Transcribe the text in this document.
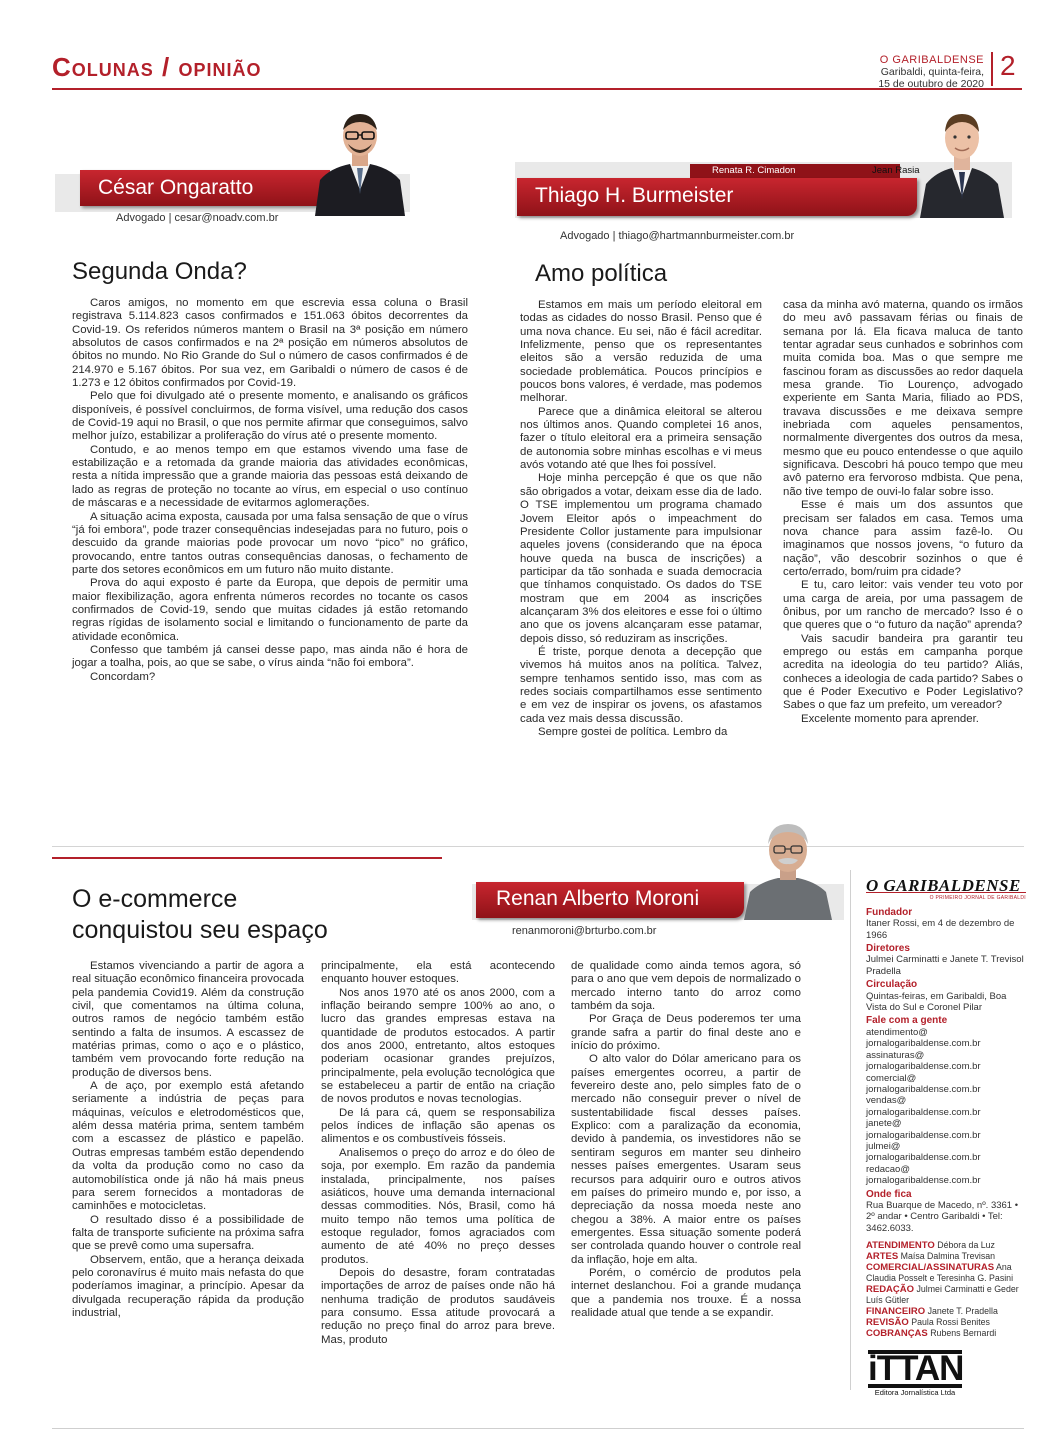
Colunas / opinião	O GARIBALDENSE
Garibaldi, quinta-feira,
15 de outubro de 2020
2
César Ongaratto
Advogado | cesar@noadv.com.br
Segunda Onda?

Caros amigos, no momento em que escrevia essa coluna o Brasil registrava 5.114.823 casos confirmados e 151.063 óbitos decorrentes da Covid-19. Os referidos números mantem o Brasil na 3ª posição em número absolutos de casos confirmados e na 2ª posição em números absolutos de óbitos no mundo. No Rio Grande do Sul o número de casos confirmados é de 214.970 e 5.167 óbitos. Por sua vez, em Garibaldi o número de casos é de 1.273 e 12 óbitos confirmados por Covid-19.

Pelo que foi divulgado até o presente momento, e analisando os gráficos disponíveis, é possível concluirmos, de forma visível, uma redução dos casos de Covid-19 aqui no Brasil, o que nos permite afirmar que conseguimos, salvo melhor juízo, estabilizar a proliferação do vírus até o presente momento.

Contudo, e ao menos tempo em que estamos vivendo uma fase de estabilização e a retomada da grande maioria das atividades econômicas, resta a nítida impressão que a grande maioria das pessoas está deixando de lado as regras de proteção no tocante ao vírus, em especial o uso contínuo de máscaras e a necessidade de evitarmos aglomerações.

A situação acima exposta, causada por uma falsa sensação de que o vírus “já foi embora”, pode trazer consequências indesejadas para no futuro, pois o descuido da grande maiorias pode provocar um novo “pico” no gráfico, provocando, entre tantos outras consequências danosas, o fechamento de parte dos setores econômicos em um futuro não muito distante.

Prova do aqui exposto é parte da Europa, que depois de permitir uma maior flexibilização, agora enfrenta números recordes no tocante os casos confirmados de Covid-19, sendo que muitas cidades já estão retomando regras rígidas de isolamento social e limitando o funcionamento de parte da atividade econômica.

Confesso que também já cansei desse papo, mas ainda não é hora de jogar a toalha, pois, ao que se sabe, o vírus ainda “não foi embora”.

Concordam?

Renata R. Cimadon	Jean Rasia
Thiago H. Burmeister
Advogado | thiago@hartmannburmeister.com.br
Amo política

Estamos em mais um período eleitoral em todas as cidades do nosso Brasil. Penso que é uma nova chance. Eu sei, não é fácil acreditar. Infelizmente, penso que os representantes eleitos são a versão reduzida de uma sociedade problemática. Poucos princípios e poucos bons valores, é verdade, mas podemos melhorar.

Parece que a dinâmica eleitoral se alterou nos últimos anos. Quando completei 16 anos, fazer o título eleitoral era a primeira sensação de autonomia sobre minhas escolhas e vi meus avós votando até que lhes foi possível.

Hoje minha percepção é que os que não são obrigados a votar, deixam esse dia de lado. O TSE implementou um programa chamado Jovem Eleitor após o impeachment do Presidente Collor justamente para impulsionar aqueles jovens (considerando que na época houve queda na busca de inscrições) a participar da tão sonhada e suada democracia que tínhamos conquistado. Os dados do TSE mostram que em 2004 as inscrições alcançaram 3% dos eleitores e esse foi o último ano que os jovens alcançaram esse patamar, depois disso, só reduziram as inscrições.

É triste, porque denota a decepção que vivemos há muitos anos na política. Talvez, sempre tenhamos sentido isso, mas com as redes sociais compartilhamos esse sentimento e em vez de inspirar os jovens, os afastamos cada vez mais dessa discussão.

Sempre gostei de política. Lembro da

casa da minha avó materna, quando os irmãos do meu avô passavam férias ou finais de semana por lá. Ela ficava maluca de tanto tentar agradar seus cunhados e sobrinhos com muita comida boa. Mas o que sempre me fascinou foram as discussões ao redor daquela mesa grande. Tio Lourenço, advogado experiente em Santa Maria, filiado ao PDS, travava discussões e me deixava sempre inebriada com aqueles pensamentos, normalmente divergentes dos outros da mesa, mesmo que eu pouco entendesse o que aquilo significava. Descobri há pouco tempo que meu avô paterno era fervoroso mdbista. Que pena, não tive tempo de ouvi-lo falar sobre isso.

Esse é mais um dos assuntos que precisam ser falados em casa. Temos uma nova chance para assim fazê-lo. Ou imaginamos que nossos jovens, “o futuro da nação”, vão descobrir sozinhos o que é certo/errado, bom/ruim pra cidade?

E tu, caro leitor: vais vender teu voto por uma carga de areia, por uma passagem de ônibus, por um rancho de mercado? Isso é o que queres que o “o futuro da nação” aprenda?

Vais sacudir bandeira pra garantir teu emprego ou estás em campanha porque acredita na ideologia do teu partido? Aliás, conheces a ideologia de cada partido? Sabes o que é Poder Executivo e Poder Legislativo? Sabes o que faz um prefeito, um vereador?

Excelente momento para aprender.

O e-commerce
conquistou seu espaço
Renan Alberto Moroni
renanmoroni@brturbo.com.br

Estamos vivenciando a partir de agora a real situação econômico financeira provocada pela pandemia Covid19. Além da construção civil, que comentamos na última coluna, outros ramos de negócio também estão sentindo a falta de insumos. A escassez de matérias primas, como o aço e o plástico, também vem provocando forte redução na produção de diversos bens.

A de aço, por exemplo está afetando seriamente a indústria de peças para máquinas, veículos e eletrodomésticos que, além dessa matéria prima, sentem também com a escassez de plástico e papelão. Outras empresas também estão dependendo da volta da produção como no caso da automobilística onde já não há mais pneus para serem fornecidos a montadoras de caminhões e motocicletas.

O resultado disso é a possibilidade de falta de transporte suficiente na próxima safra que se prevê como uma supersafra.

Observem, então, que a herança deixada pelo coronavírus é muito mais nefasta do que poderíamos imaginar, a princípio. Apesar da divulgada recuperação rápida da produção industrial,

principalmente, ela está acontecendo enquanto houver estoques.

Nos anos 1970 até os anos 2000, com a inflação beirando sempre 100% ao ano, o lucro das grandes empresas estava na quantidade de produtos estocados. A partir dos anos 2000, entretanto, altos estoques poderiam ocasionar grandes prejuízos, principalmente, pela evolução tecnológica que se estabeleceu a partir de então na criação de novos produtos e novas tecnologias.

De lá para cá, quem se responsabiliza pelos índices de inflação são apenas os alimentos e os combustíveis fósseis.

Analisemos o preço do arroz e do óleo de soja, por exemplo. Em razão da pandemia instalada, principalmente, nos países asiáticos, houve uma demanda internacional dessas commodities. Nós, Brasil, como há muito tempo não temos uma política de estoque regulador, fomos agraciados com aumento de até 40% no preço desses produtos.

Depois do desastre, foram contratadas importações de arroz de países onde não há nenhuma tradição de produtos saudáveis para consumo. Essa atitude provocará a redução no preço final do arroz para breve. Mas, produto

de qualidade como ainda temos agora, só para o ano que vem depois de normalizado o mercado interno tanto do arroz como também da soja.

Por Graça de Deus poderemos ter uma grande safra a partir do final deste ano e início do próximo.

O alto valor do Dólar americano para os países emergentes ocorreu, a partir de fevereiro deste ano, pelo simples fato de o mercado não conseguir prever o nível de sustentabilidade fiscal desses países. Explico: com a paralização da economia, devido à pandemia, os investidores não se sentiram seguros em manter seu dinheiro nesses países emergentes. Usaram seus recursos para adquirir ouro e outros ativos em países do primeiro mundo e, por isso, a depreciação da nossa moeda neste ano chegou a 38%. A maior entre os países emergentes. Essa situação somente poderá ser controlada quando houver o controle real da inflação, hoje em alta.

Porém, o comércio de produtos pela internet deslanchou. Foi a grande mudança que a pandemia nos trouxe. É a nossa realidade atual que tende a se expandir.

O GARIBALDENSE
O PRIMEIRO JORNAL DE GARIBALDI
Fundador
Itaner Rossi, em 4 de dezembro de 1966
Diretores
Julmei Carminatti e Janete T. Trevisol Pradella
Circulação
Quintas-feiras, em Garibaldi, Boa Vista do Sul e Coronel Pilar
Fale com a gente
atendimento@
jornalogaribaldense.com.br
assinaturas@
jornalogaribaldense.com.br
comercial@
jornalogaribaldense.com.br
vendas@
jornalogaribaldense.com.br
janete@
jornalogaribaldense.com.br
julmei@
jornalogaribaldense.com.br
redacao@
jornalogaribaldense.com.br
Onde fica
Rua Buarque de Macedo, nº. 3361 • 2º andar • Centro Garibaldi • Tel: 3462.6033.
ATENDIMENTO Débora da Luz
ARTES Maísa Dalmina Trevisan
COMERCIAL/ASSINATURAS Ana Claudia Posselt e Teresinha G. Pasini
REDAÇÃO Julmei Carminatti e Geder Luís Gütler
FINANCEIRO Janete T. Pradella
REVISÃO Paula Rossi Benites
COBRANÇAS Rubens Bernardi
iTTAN
Editora Jornalística Ltda
